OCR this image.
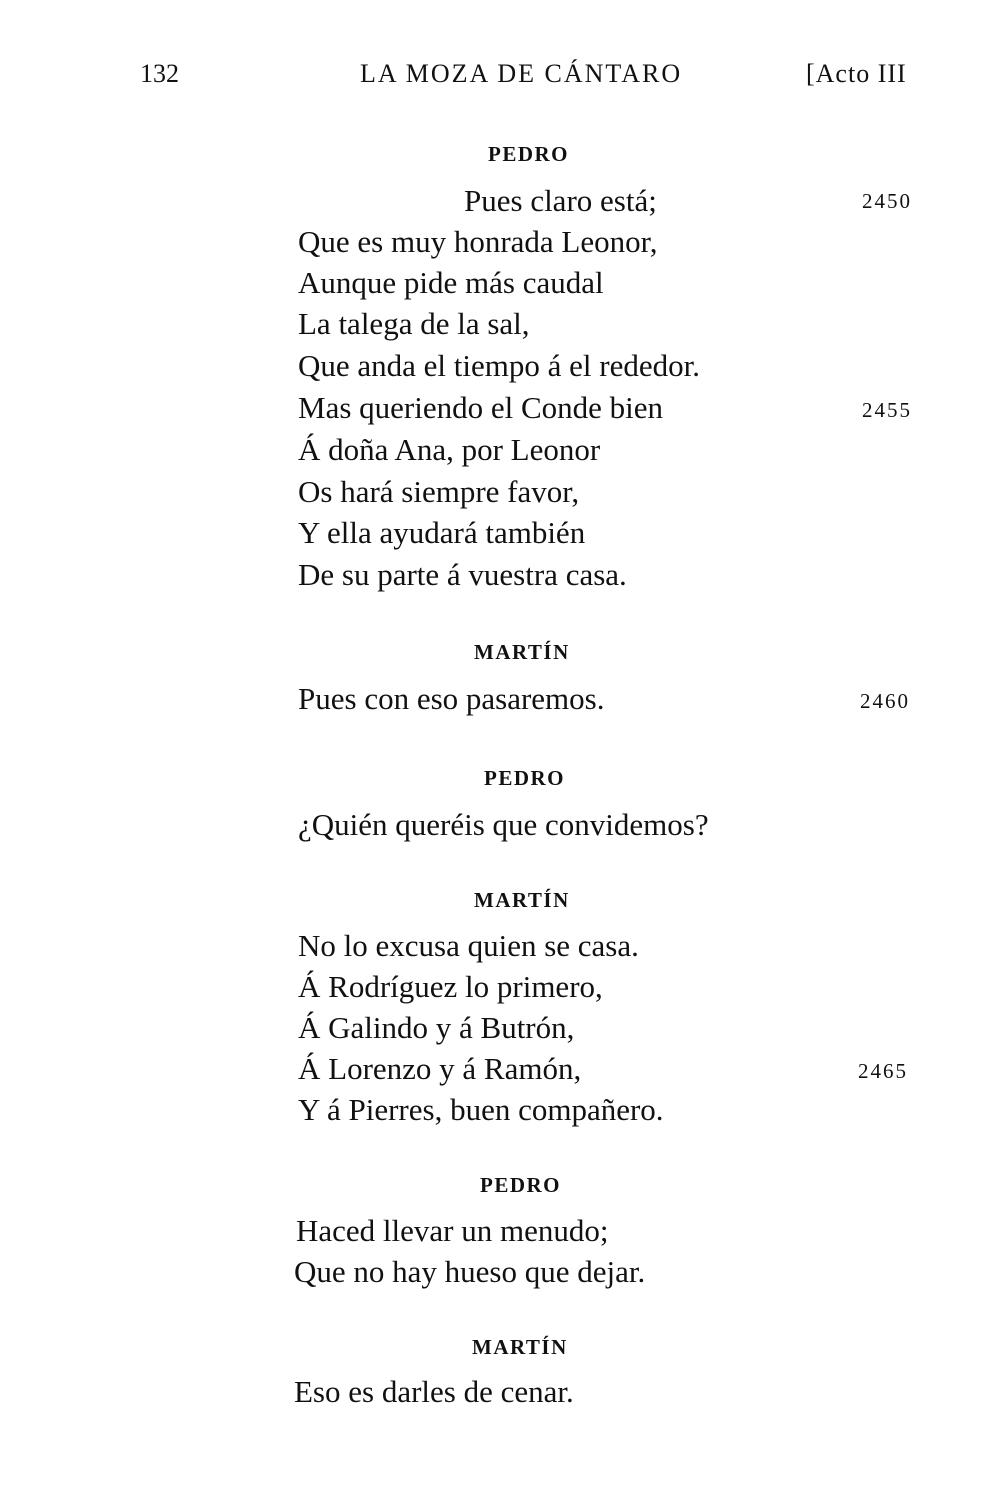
132	LA MOZA DE CÁNTARO	[Acto III
PEDRO
Pues claro está;	2450
Que es muy honrada Leonor,
Aunque pide más caudal
La talega de la sal,
Que anda el tiempo á el rededor.
Mas queriendo el Conde bien	2455
Á doña Ana, por Leonor
Os hará siempre favor,
Y ella ayudará también
De su parte á vuestra casa.
MARTÍN
Pues con eso pasaremos.	2460
PEDRO
¿Quién queréis que convidemos?
MARTÍN
No lo excusa quien se casa.
Á Rodríguez lo primero,
Á Galindo y á Butrón,
Á Lorenzo y á Ramón,	2465
Y á Pierres, buen compañero.
PEDRO
Haced llevar un menudo;
Que no hay hueso que dejar.
MARTÍN
Eso es darles de cenar.
